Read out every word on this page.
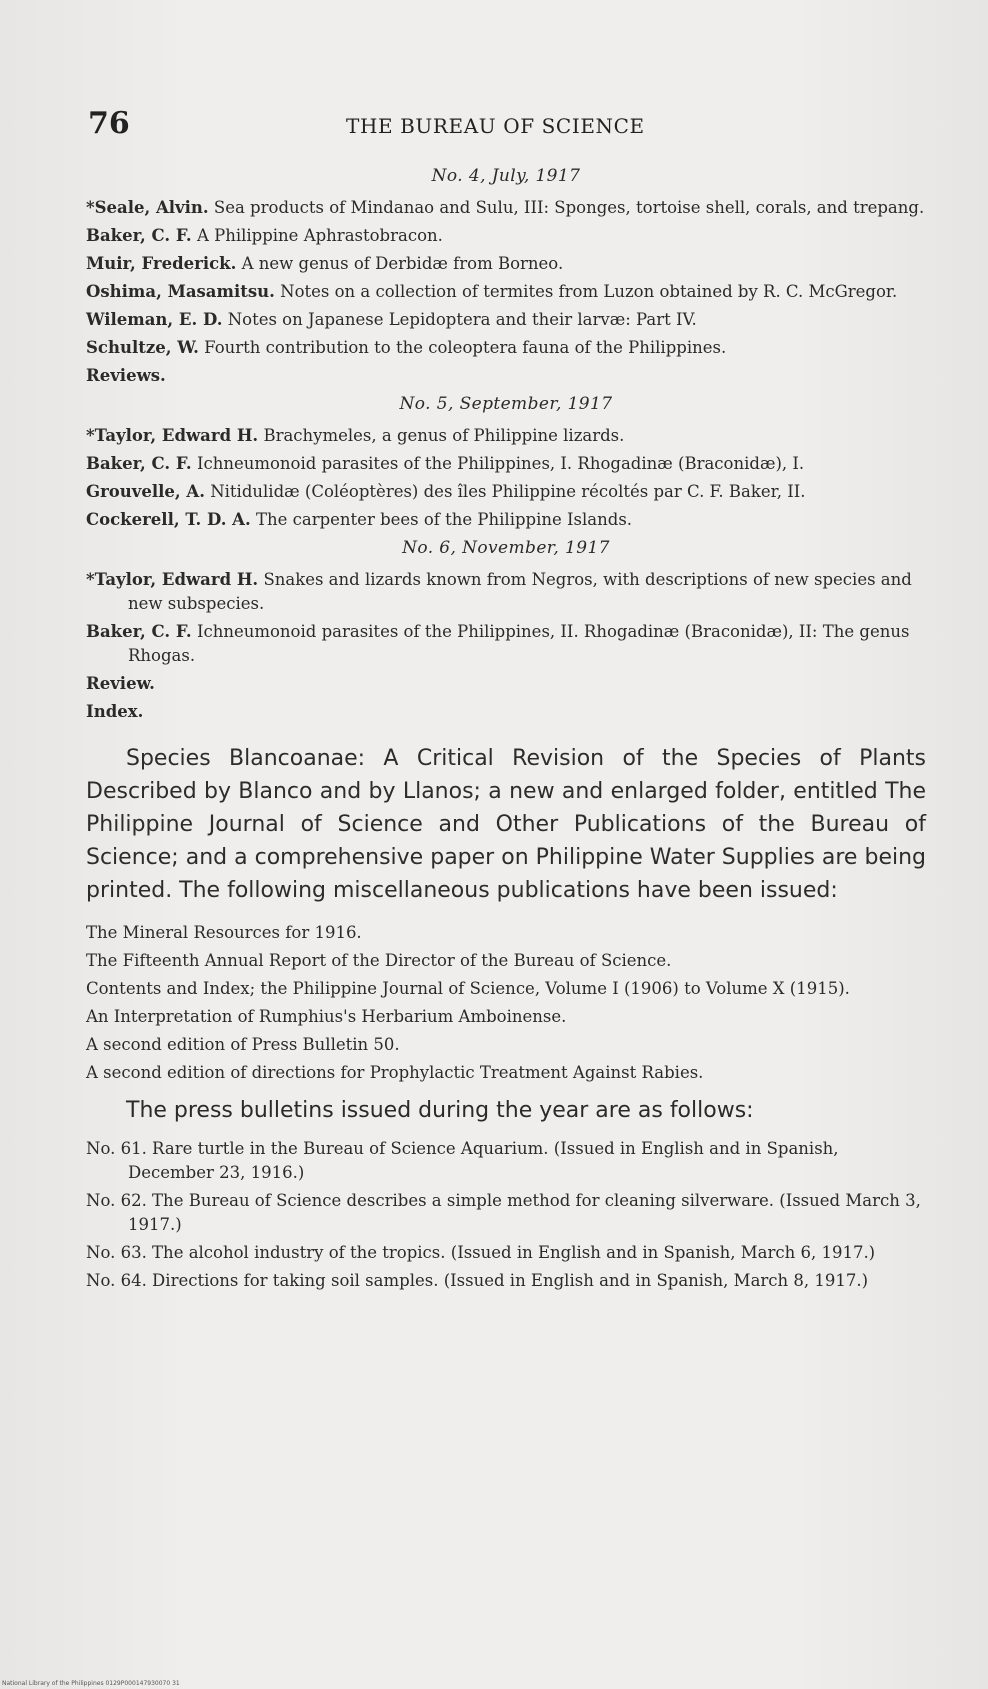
76	THE BUREAU OF SCIENCE
No. 4, July, 1917

*Seale, Alvin. Sea products of Mindanao and Sulu, III: Sponges, tortoise shell, corals, and trepang.

Baker, C. F. A Philippine Aphrastobracon.

Muir, Frederick. A new genus of Derbidæ from Borneo.

Oshima, Masamitsu. Notes on a collection of termites from Luzon obtained by R. C. McGregor.

Wileman, E. D. Notes on Japanese Lepidoptera and their larvæ: Part IV.

Schultze, W. Fourth contribution to the coleoptera fauna of the Philippines.

Reviews.

No. 5, September, 1917

*Taylor, Edward H. Brachymeles, a genus of Philippine lizards.

Baker, C. F. Ichneumonoid parasites of the Philippines, I. Rhogadinæ (Braconidæ), I.

Grouvelle, A. Nitidulidæ (Coléoptères) des îles Philippine récoltés par C. F. Baker, II.

Cockerell, T. D. A. The carpenter bees of the Philippine Islands.

No. 6, November, 1917

*Taylor, Edward H. Snakes and lizards known from Negros, with descriptions of new species and new subspecies.

Baker, C. F. Ichneumonoid parasites of the Philippines, II. Rhogadinæ (Braconidæ), II: The genus Rhogas.

Review.

Index.

Species Blancoanae: A Critical Revision of the Species of Plants Described by Blanco and by Llanos; a new and enlarged folder, entitled The Philippine Journal of Science and Other Publications of the Bureau of Science; and a comprehensive paper on Philippine Water Supplies are being printed. The following miscellaneous publications have been issued:

The Mineral Resources for 1916.

The Fifteenth Annual Report of the Director of the Bureau of Science.

Contents and Index; the Philippine Journal of Science, Volume I (1906) to Volume X (1915).

An Interpretation of Rumphius's Herbarium Amboinense.

A second edition of Press Bulletin 50.

A second edition of directions for Prophylactic Treatment Against Rabies.

The press bulletins issued during the year are as follows:

No. 61. Rare turtle in the Bureau of Science Aquarium. (Issued in English and in Spanish, December 23, 1916.)

No. 62. The Bureau of Science describes a simple method for cleaning silverware. (Issued March 3, 1917.)

No. 63. The alcohol industry of the tropics. (Issued in English and in Spanish, March 6, 1917.)

No. 64. Directions for taking soil samples. (Issued in English and in Spanish, March 8, 1917.)

National Library of the Philippines 0129P000147930070 31
